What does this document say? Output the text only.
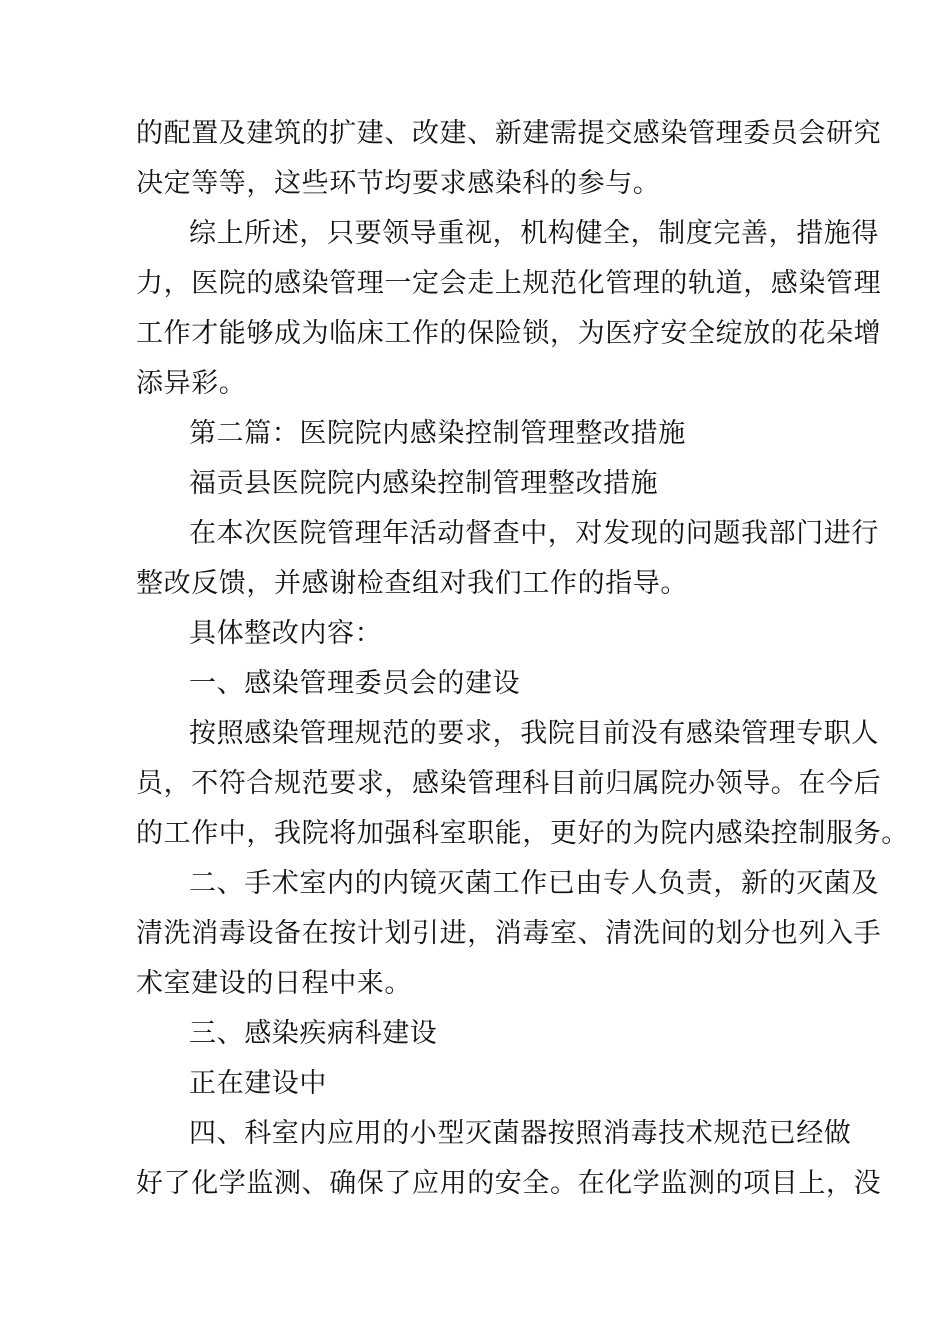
的配置及建筑的扩建、改建、新建需提交感染管理委员会研究
决定等等，这些环节均要求感染科的参与。
综上所述，只要领导重视，机构健全，制度完善，措施得
力，医院的感染管理一定会走上规范化管理的轨道，感染管理
工作才能够成为临床工作的保险锁，为医疗安全绽放的花朵增
添异彩。
第二篇：医院院内感染控制管理整改措施
福贡县医院院内感染控制管理整改措施
在本次医院管理年活动督查中，对发现的问题我部门进行
整改反馈，并感谢检查组对我们工作的指导。
具体整改内容：
一、感染管理委员会的建设
按照感染管理规范的要求，我院目前没有感染管理专职人
员，不符合规范要求，感染管理科目前归属院办领导。在今后
的工作中，我院将加强科室职能，更好的为院内感染控制服务。
二、手术室内的内镜灭菌工作已由专人负责，新的灭菌及
清洗消毒设备在按计划引进，消毒室、清洗间的划分也列入手
术室建设的日程中来。
三、感染疾病科建设
正在建设中
四、科室内应用的小型灭菌器按照消毒技术规范已经做
好了化学监测、确保了应用的安全。在化学监测的项目上，没
